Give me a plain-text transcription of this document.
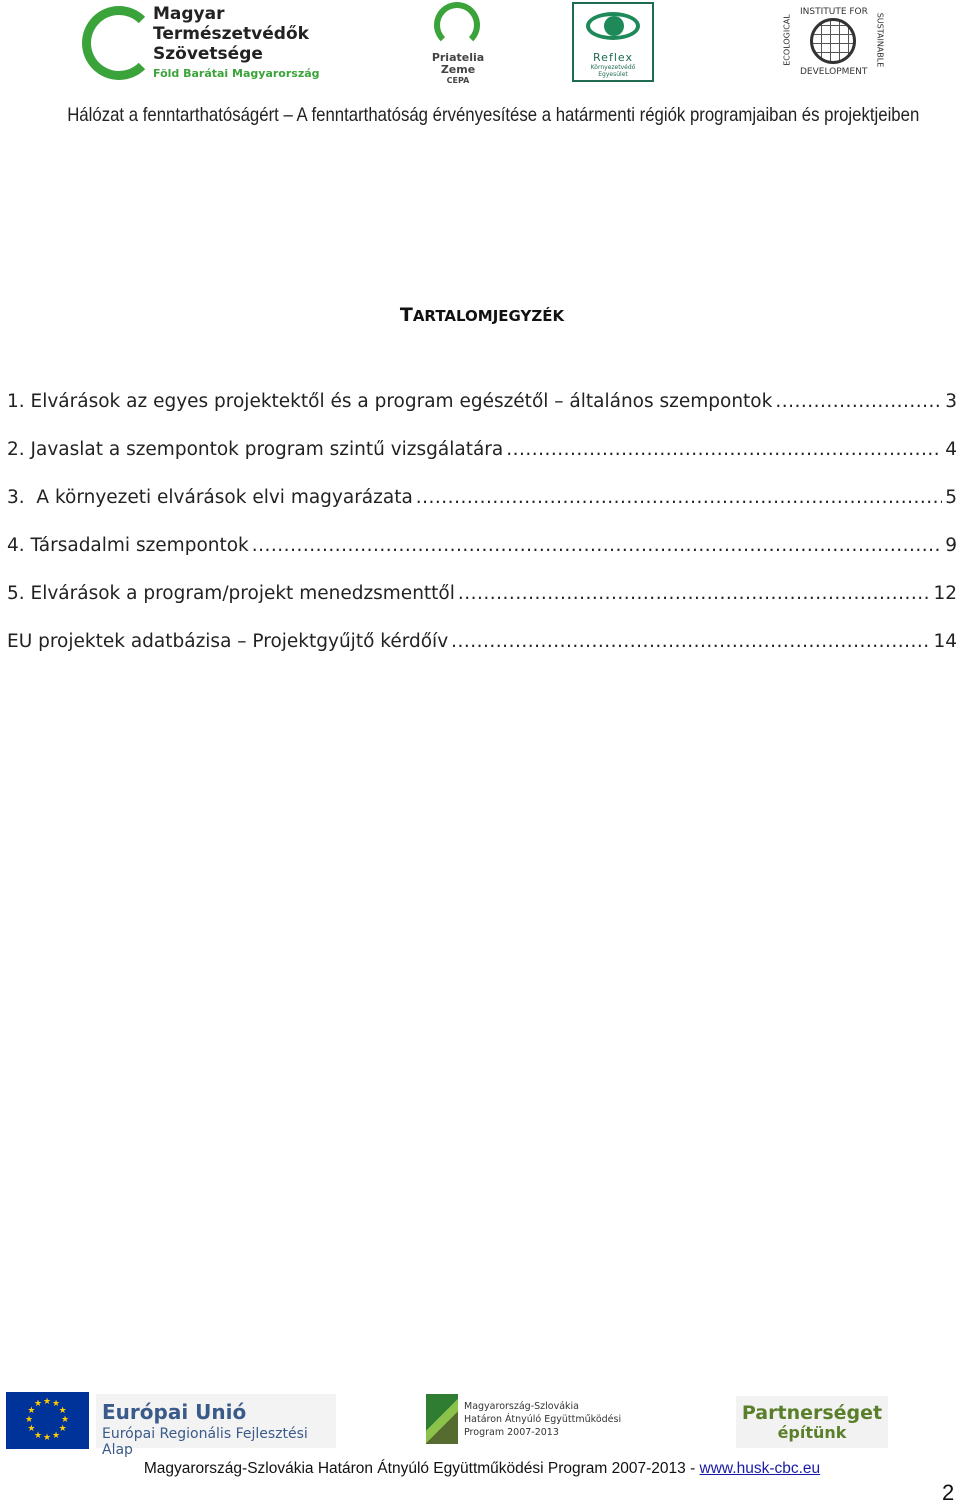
Magyar
Természetvédők
Szövetsége
Föld Barátai Magyarország
Priatelia
Zeme
CEPA
Reflex
Környezetvédő
Egyesület
INSTITUTE FOR
DEVELOPMENT
ECOLOGICAL	SUSTAINABLE
Hálózat a fenntarthatóságért – A fenntarthatóság érvényesítése a határmenti régiók programjaiban és projektjeiben
TARTALOMJEGYZÉK
1. Elvárások az egyes projektektől és a program egészétől – általános szempontok .....	3
2. Javaslat a szempontok program szintű vizsgálatára .....	4
3.  A környezeti elvárások elvi magyarázata .....	5
4. Társadalmi szempontok .....	9
5. Elvárások a program/projekt menedzsmenttől .....	12
EU projektek adatbázisa – Projektgyűjtő kérdőív .....	14
★ ★
★
★
★
★
★
★
★
★
★
★	Európai Unió
Európai Regionális Fejlesztési Alap
Magyarország-Szlovákia
Határon Átnyúló Együttműködési
Program 2007-2013
Partnerséget
építünk
Magyarország-Szlovákia Határon Átnyúló Együttműködési Program 2007-2013 - www.husk-cbc.eu
2
